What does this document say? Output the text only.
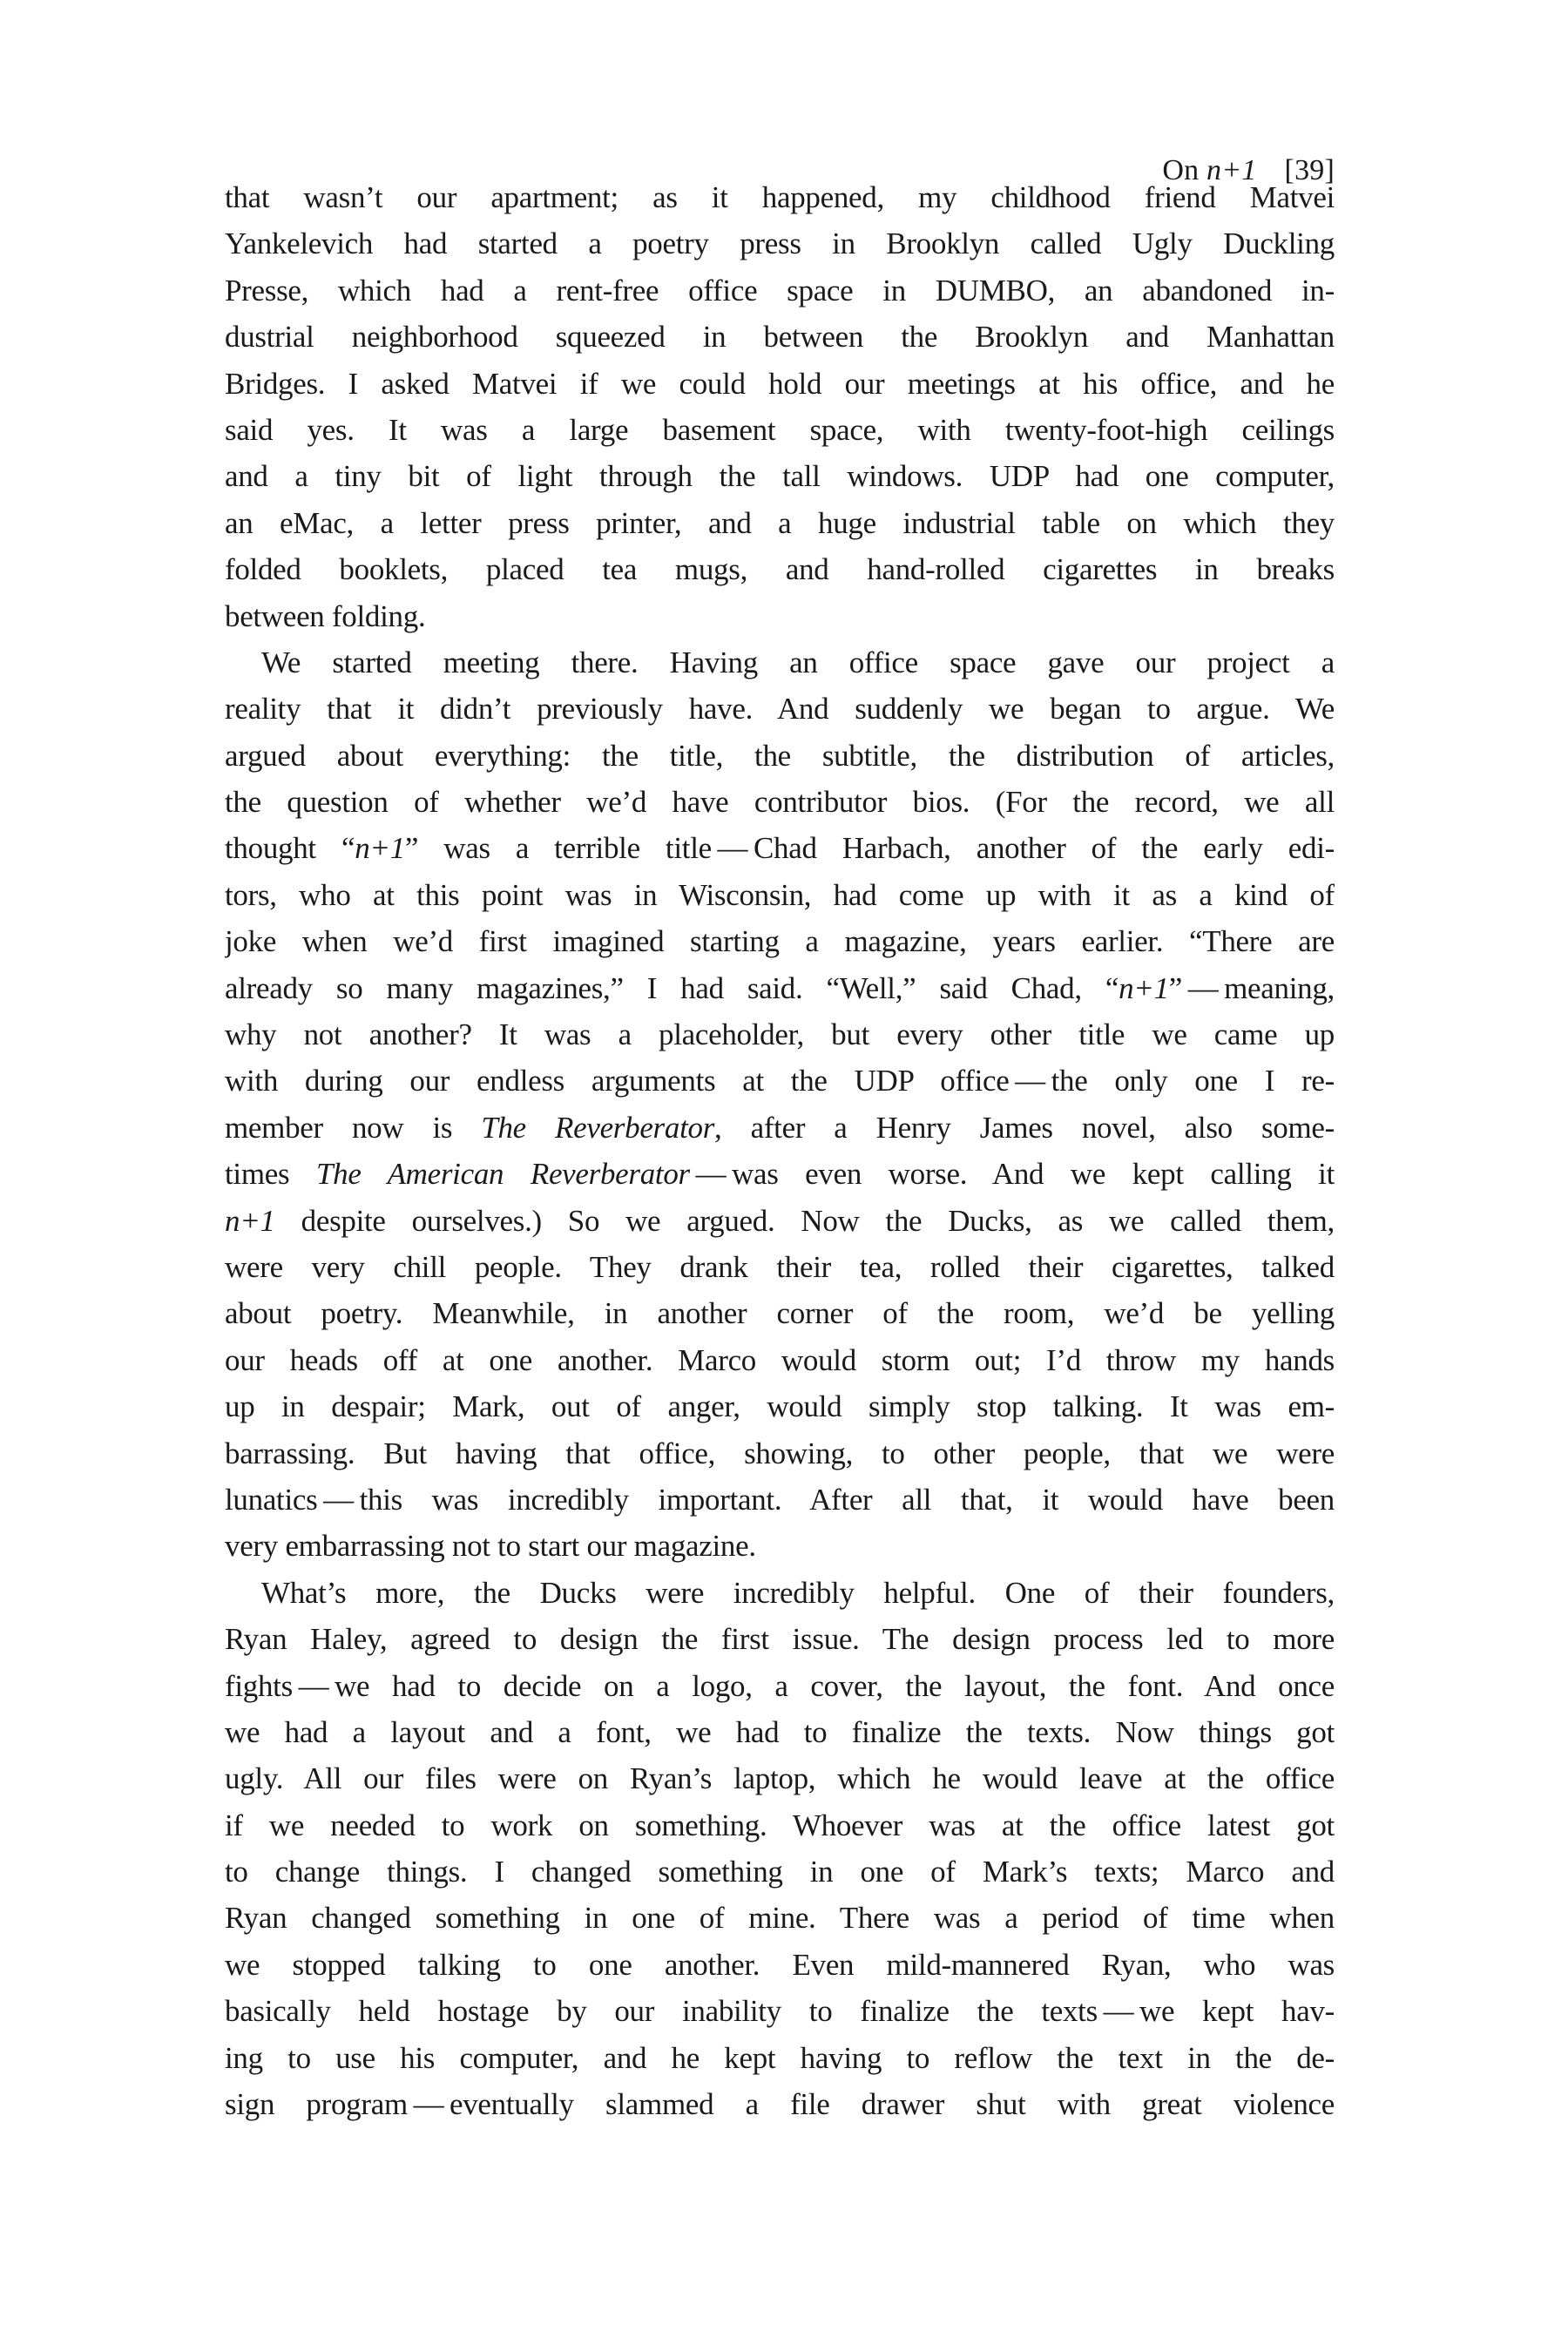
On n+1 [39]

that wasn’t our apartment; as it happened, my childhood friend Matvei
Yankelevich had started a poetry press in Brooklyn called Ugly Duckling
Presse, which had a rent-free office space in DUMBO, an abandoned in-
dustrial neighborhood squeezed in between the Brooklyn and Manhattan
Bridges. I asked Matvei if we could hold our meetings at his office, and he
said yes. It was a large basement space, with twenty-foot-high ceilings
and a tiny bit of light through the tall windows. UDP had one computer,
an eMac, a letter press printer, and a huge industrial table on which they
folded booklets, placed tea mugs, and hand-rolled cigarettes in breaks
between folding.
We started meeting there. Having an office space gave our project a
reality that it didn’t previously have. And suddenly we began to argue. We
argued about everything: the title, the subtitle, the distribution of articles,
the question of whether we’d have contributor bios. (For the record, we all
thought “n+1” was a terrible title — Chad Harbach, another of the early edi-
tors, who at this point was in Wisconsin, had come up with it as a kind of
joke when we’d first imagined starting a magazine, years earlier. “There are
already so many magazines,” I had said. “Well,” said Chad, “n+1” — meaning,
why not another? It was a placeholder, but every other title we came up
with during our endless arguments at the UDP office — the only one I re-
member now is The Reverberator, after a Henry James novel, also some-
times The American Reverberator — was even worse. And we kept calling it
n+1 despite ourselves.) So we argued. Now the Ducks, as we called them,
were very chill people. They drank their tea, rolled their cigarettes, talked
about poetry. Meanwhile, in another corner of the room, we’d be yelling
our heads off at one another. Marco would storm out; I’d throw my hands
up in despair; Mark, out of anger, would simply stop talking. It was em-
barrassing. But having that office, showing, to other people, that we were
lunatics — this was incredibly important. After all that, it would have been
very embarrassing not to start our magazine.
What’s more, the Ducks were incredibly helpful. One of their founders,
Ryan Haley, agreed to design the first issue. The design process led to more
fights — we had to decide on a logo, a cover, the layout, the font. And once
we had a layout and a font, we had to finalize the texts. Now things got
ugly. All our files were on Ryan’s laptop, which he would leave at the office
if we needed to work on something. Whoever was at the office latest got
to change things. I changed something in one of Mark’s texts; Marco and
Ryan changed something in one of mine. There was a period of time when
we stopped talking to one another. Even mild-mannered Ryan, who was
basically held hostage by our inability to finalize the texts — we kept hav-
ing to use his computer, and he kept having to reflow the text in the de-
sign program — eventually slammed a file drawer shut with great violence
